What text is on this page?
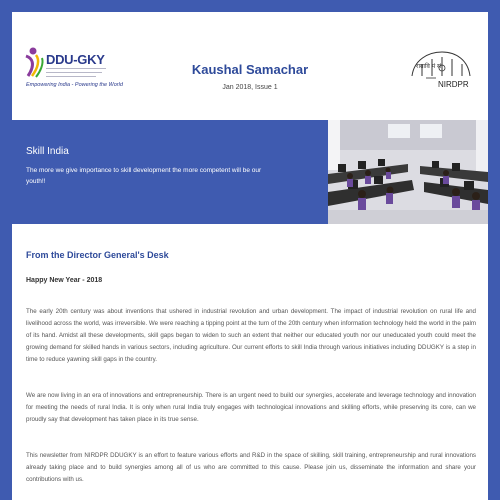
DDU-GKY
Empowering India - Powering the World
Kaushal Samachar
Jan 2018, Issue 1
राग्रावि पं सं
NIRDPR
Skill India
The more we give importance to skill development the more competent will be our youth!!
From the Director General's Desk
Happy New Year - 2018

The early 20th century was about inventions that ushered in industrial revolution and urban development. The impact of industrial revolution on rural life and livelihood across the world, was irreversible. We were reaching a tipping point at the turn of the 20th century when information technology held the world in the palm of its hand. Amidst all these developments, skill gaps began to widen to such an extent that neither our educated youth nor our uneducated youth could meet the growing demand for skilled hands in various sectors, including agriculture. Our current efforts to skill India through various initiatives including DDUGKY is a step in time to reduce yawning skill gaps in the country.

We are now living in an era of innovations and entrepreneurship. There is an urgent need to build our synergies, accelerate and leverage technology and innovation for meeting the needs of rural India. It is only when rural India truly engages with technological innovations and skilling efforts, while preserving its core, can we proudly say that development has taken place in its true sense.

This newsletter from NIRDPR DDUGKY is an effort to feature various efforts and R&D in the space of skilling, skill training, entrepreneurship and rural innovations already taking place and to build synergies among all of us who are committed to this cause. Please join us, disseminate the information and share your contributions with us.
